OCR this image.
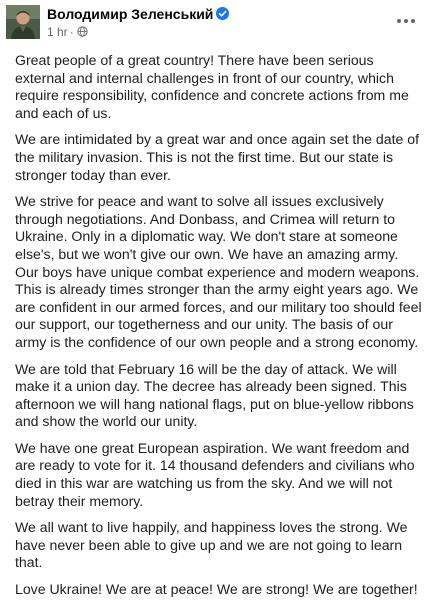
Володимир Зеленський
1 hr ·

Great people of a great country! There have been serious external and internal challenges in front of our country, which require responsibility, confidence and concrete actions from me and each of us.

We are intimidated by a great war and once again set the date of the military invasion. This is not the first time. But our state is stronger today than ever.

We strive for peace and want to solve all issues exclusively through negotiations. And Donbass, and Crimea will return to Ukraine. Only in a diplomatic way. We don't stare at someone else's, but we won't give our own. We have an amazing army. Our boys have unique combat experience and modern weapons. This is already times stronger than the army eight years ago. We are confident in our armed forces, and our military too should feel our support, our togetherness and our unity. The basis of our army is the confidence of our own people and a strong economy.

We are told that February 16 will be the day of attack. We will make it a union day. The decree has already been signed. This afternoon we will hang national flags, put on blue-yellow ribbons and show the world our unity.

We have one great European aspiration. We want freedom and are ready to vote for it. 14 thousand defenders and civilians who died in this war are watching us from the sky. And we will not betray their memory.

We all want to live happily, and happiness loves the strong. We have never been able to give up and we are not going to learn that.

Love Ukraine! We are at peace! We are strong! We are together!
